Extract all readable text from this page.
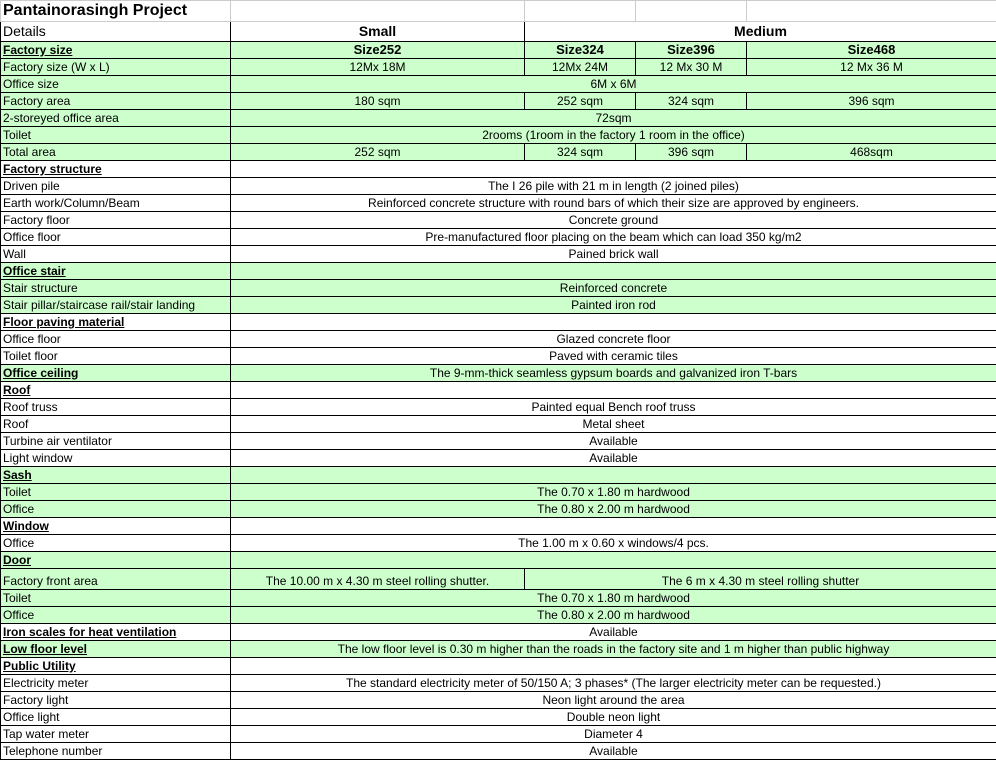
Pantainorasingh Project				
Details	Small	Medium		
Factory size	Size252	Size324	Size396	Size468
Factory size (W x L)	12Mx 18M	12Mx 24M	12 Mx 30 M	12 Mx 36 M
Office size	6M x 6M			
Factory area	180 sqm	252 sqm	324 sqm	396 sqm
2-storeyed office area	72sqm			
Toilet	2rooms (1room in the factory 1 room in the office)			
Total area	252 sqm	324 sqm	396 sqm	468sqm
Factory structure				
Driven pile	The I 26 pile with 21 m in length (2 joined piles)			
Earth work/Column/Beam	Reinforced concrete structure with round bars of which their size are approved by engineers.			
Factory floor	Concrete ground			
Office floor	Pre-manufactured floor placing on the beam which can load 350 kg/m2			
Wall	Pained brick wall			
Office stair				
Stair structure	Reinforced concrete			
Stair pillar/staircase rail/stair landing	Painted iron rod			
Floor paving material				
Office floor	Glazed concrete floor			
Toilet floor	Paved with ceramic tiles			
Office ceiling	The 9-mm-thick seamless gypsum boards and galvanized iron T-bars			
Roof				
Roof truss	Painted equal Bench roof truss			
Roof	Metal sheet			
Turbine air ventilator	Available			
Light window	Available			
Sash				
Toilet	The 0.70 x 1.80 m hardwood			
Office	The 0.80 x 2.00 m hardwood			
Window				
Office	The 1.00 m x 0.60 x windows/4 pcs.			
Door				
Factory front area	The 10.00 m x 4.30 m steel rolling shutter.	The 6 m x 4.30 m steel rolling shutter		
Toilet	The 0.70 x 1.80 m hardwood			
Office	The 0.80 x 2.00 m hardwood			
Iron scales for heat ventilation	Available			
Low floor level	The low floor level is 0.30 m higher than the roads in the factory site and 1 m higher than public highway			
Public Utility				
Electricity meter	The standard electricity meter of 50/150 A; 3 phases* (The larger electricity meter can be requested.)			
Factory light	Neon light around the area			
Office light	Double neon light			
Tap water meter	Diameter 4			
Telephone number	Available			
